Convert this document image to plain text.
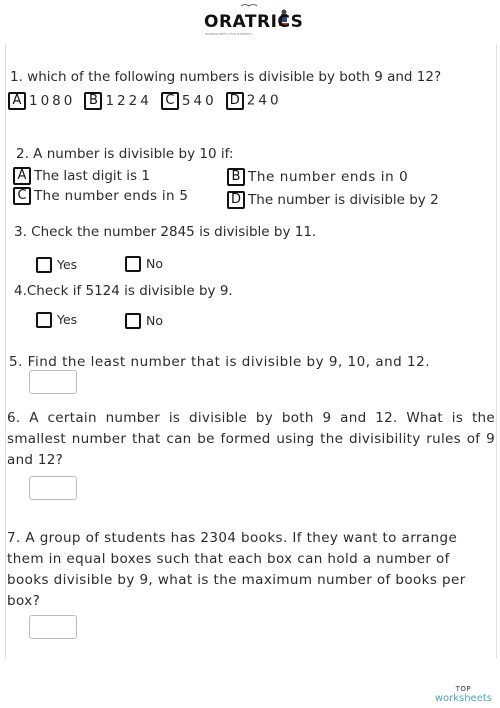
ORATRICS
WORKSHEETS FOR EXPERTS
1. which of the following numbers is divisible by both 9 and 12?
A 1080 B 1224 C 540 D 240
2. A number is divisible by 10 if:
A The last digit is 1	B The number ends in 0
C The number ends in 5	D The number is divisible by 2
3. Check the number 2845 is divisible by 11.
Yes	No
4.Check if 5124 is divisible by 9.
Yes	No
5. Find the least number that is divisible by 9, 10, and 12.
6. A certain number is divisible by both 9 and 12. What is the smallest number that can be formed using the divisibility rules of 9 and 12?
7. A group of students has 2304 books. If they want to arrange them in equal boxes such that each box can hold a number of books divisible by 9, what is the maximum number of books per box?
TOP
worksheets
